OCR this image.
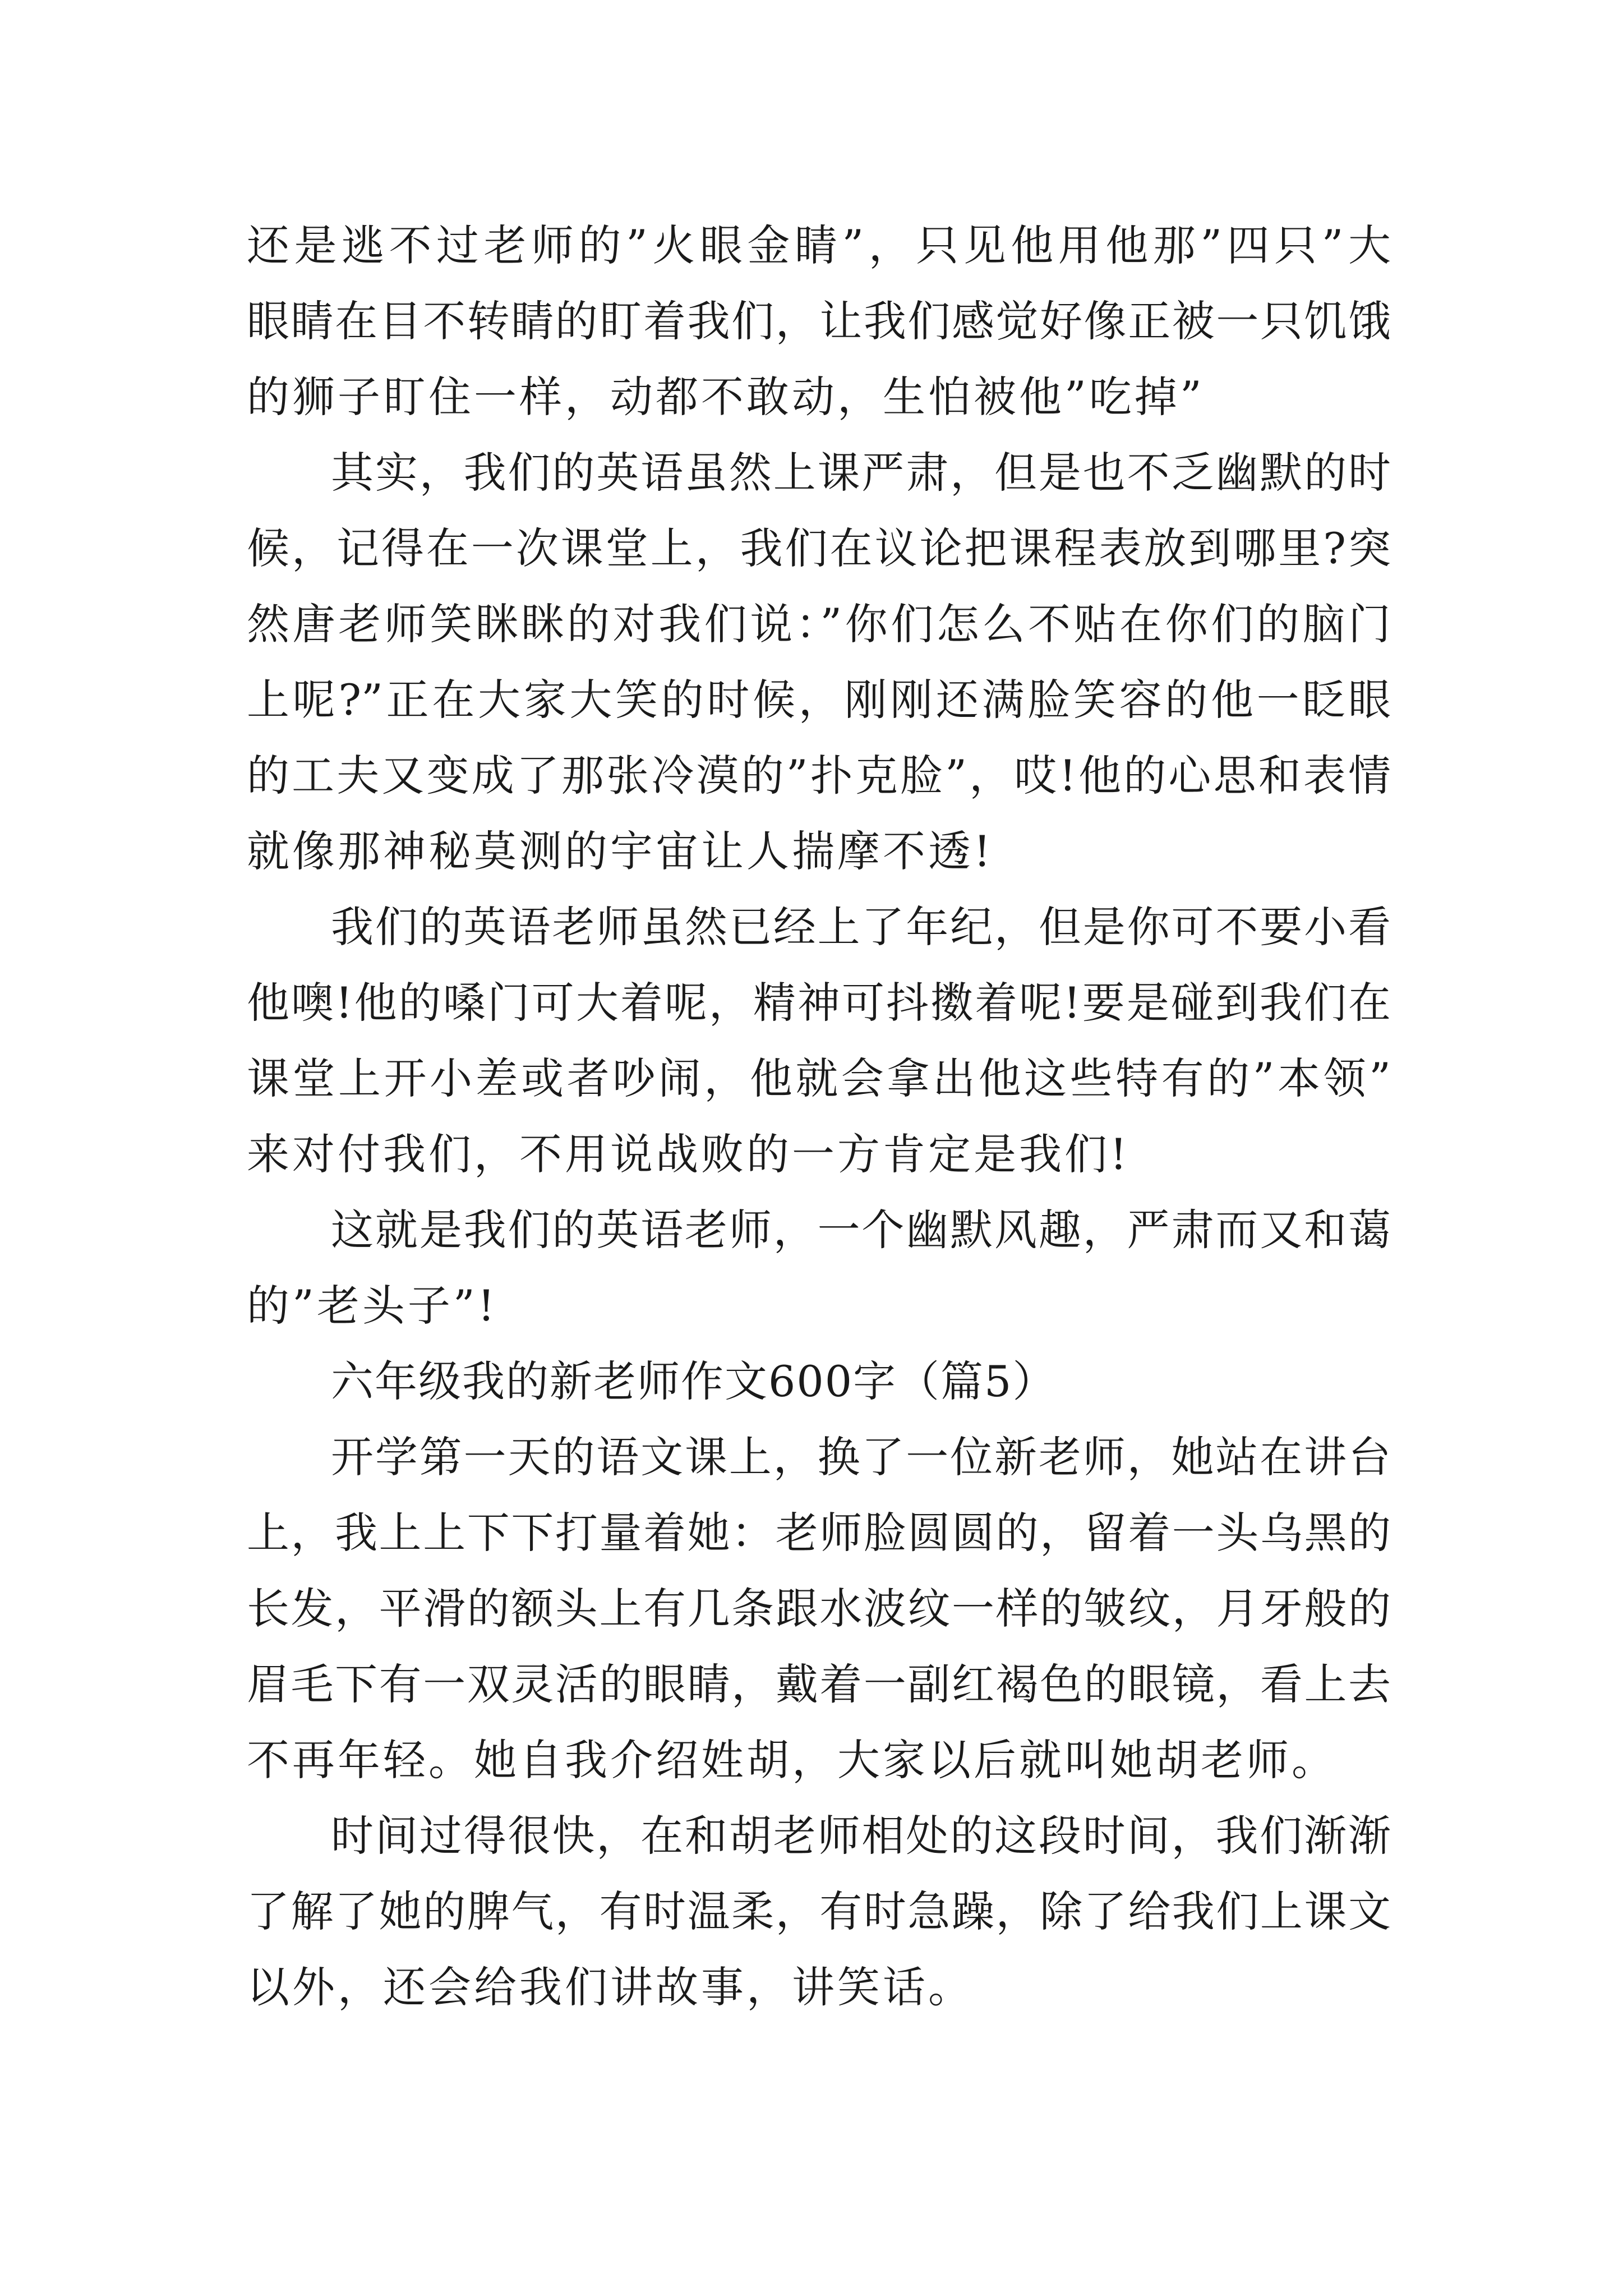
还是逃不过老师的”火眼金睛”，只见他用他那”四只”大
眼睛在目不转睛的盯着我们，让我们感觉好像正被一只饥饿
的狮子盯住一样，动都不敢动，生怕被他”吃掉”
其实，我们的英语虽然上课严肃，但是也不乏幽默的时
候，记得在一次课堂上，我们在议论把课程表放到哪里?突
然唐老师笑眯眯的对我们说：”你们怎么不贴在你们的脑门
上呢?”正在大家大笑的时候，刚刚还满脸笑容的他一眨眼
的工夫又变成了那张冷漠的”扑克脸”，哎!他的心思和表情
就像那神秘莫测的宇宙让人揣摩不透!
我们的英语老师虽然已经上了年纪，但是你可不要小看
他噢!他的嗓门可大着呢，精神可抖擞着呢!要是碰到我们在
课堂上开小差或者吵闹，他就会拿出他这些特有的”本领”
来对付我们，不用说战败的一方肯定是我们!
这就是我们的英语老师，一个幽默风趣，严肃而又和蔼
的”老头子”!
六年级我的新老师作文600字（篇5）
开学第一天的语文课上，换了一位新老师，她站在讲台
上，我上上下下打量着她：老师脸圆圆的，留着一头乌黑的
长发，平滑的额头上有几条跟水波纹一样的皱纹，月牙般的
眉毛下有一双灵活的眼睛，戴着一副红褐色的眼镜，看上去
不再年轻。她自我介绍姓胡，大家以后就叫她胡老师。
时间过得很快，在和胡老师相处的这段时间，我们渐渐
了解了她的脾气，有时温柔，有时急躁，除了给我们上课文
以外，还会给我们讲故事，讲笑话。
